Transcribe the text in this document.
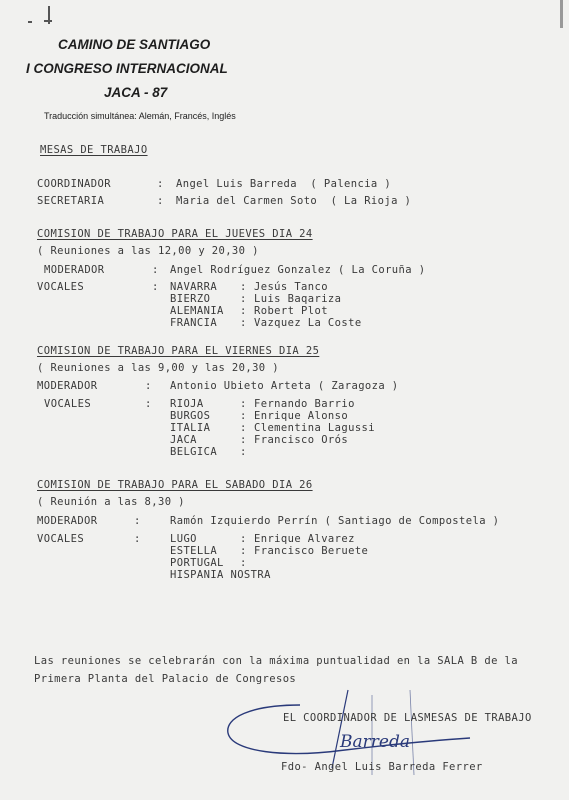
CAMINO DE SANTIAGO
I CONGRESO INTERNACIONAL
JACA - 87
Traducción simultánea: Alemán, Francés, Inglés
MESAS DE TRABAJO
COORDINADOR	: Angel Luis Barreda  ( Palencia )
SECRETARIA	: Maria del Carmen Soto  ( La Rioja )
COMISION DE TRABAJO PARA EL JUEVES DIA 24
( Reuniones a las 12,00 y 20,30 )
MODERADOR	: Angel Rodríguez Gonzalez ( La Coruña )
VOCALES	: NAVARRA : Jesús Tanco
BIERZO	: Luis Baqariza
ALEMANIA : Robert Plot
FRANCIA : Vazquez La Coste
COMISION DE TRABAJO PARA EL VIERNES DIA 25
( Reuniones a las 9,00 y las 20,30 )
MODERADOR	: Antonio Ubieto Arteta ( Zaragoza )
VOCALES	: RIOJA	: Fernando Barrio
BURGOS	: Enrique Alonso
ITALIA	: Clementina Lagussi
JACA	: Francisco Orós
BELGICA :
COMISION DE TRABAJO PARA EL SABADO DIA 26
( Reunión a las 8,30 )
MODERADOR	:	Ramón Izquierdo Perrín ( Santiago de Compostela )
VOCALES	:	LUGO	: Enrique Alvarez
ESTELLA : Francisco Beruete
PORTUGAL :
HISPANIA NOSTRA
Las reuniones se celebrarán con la máxima puntualidad en la SALA B de la
Primera Planta del Palacio de Congresos
EL COORDINADOR DE LASMESAS DE TRABAJO
Barreda
Fdo- Angel Luis Barreda Ferrer
